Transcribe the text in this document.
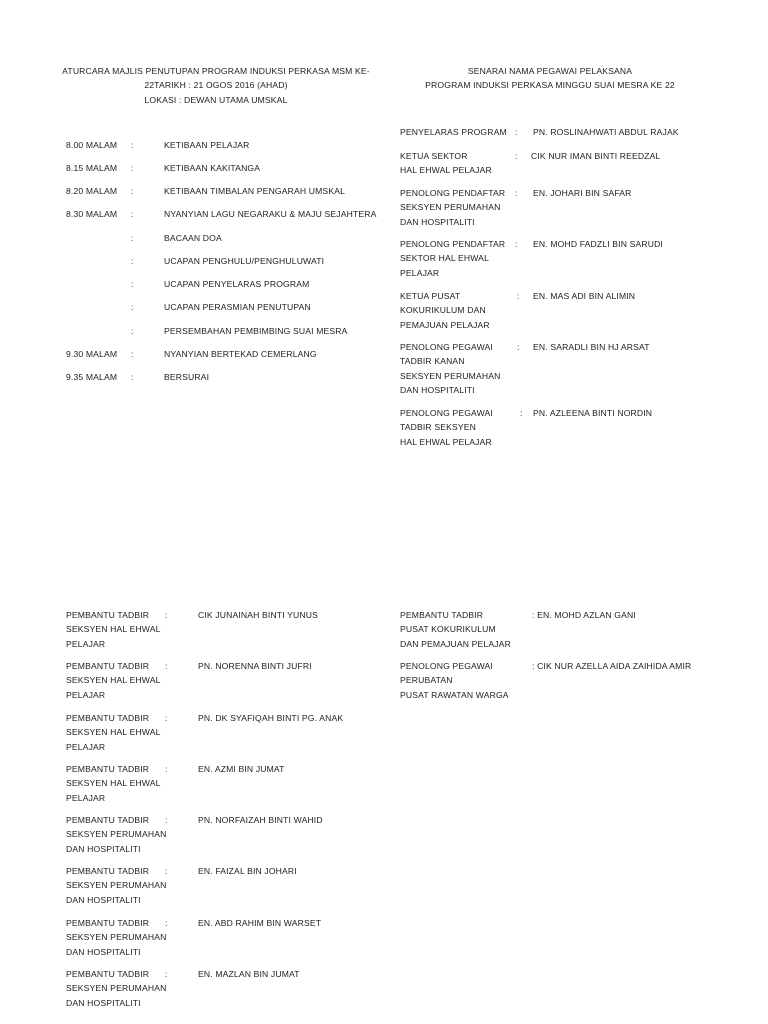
ATURCARA MAJLIS PENUTUPAN PROGRAM INDUKSI PERKASA MSM KE-
22TARIKH : 21 OGOS 2016 (AHAD)
LOKASI : DEWAN UTAMA UMSKAL
SENARAI NAMA PEGAWAI PELAKSANA
PROGRAM INDUKSI PERKASA MINGGU SUAI MESRA KE 22
8.00 MALAM :	KETIBAAN PELAJAR
8.15 MALAM :	KETIBAAN KAKITANGA
8.20 MALAM :	KETIBAAN TIMBALAN PENGARAH UMSKAL
8.30 MALAM :	NYANYIAN LAGU NEGARAKU & MAJU SEJAHTERA
:	BACAAN DOA
:	UCAPAN PENGHULU/PENGHULUWATI
:	UCAPAN PENYELARAS PROGRAM
:	UCAPAN PERASMIAN PENUTUPAN
:	PERSEMBAHAN PEMBIMBING SUAI MESRA
9.30 MALAM :	NYANYIAN BERTEKAD CEMERLANG
9.35 MALAM :	BERSURAI
PENYELARAS PROGRAM : PN. ROSLINAHWATI ABDUL RAJAK
KETUA SEKTOR
HAL EHWAL PELAJAR
: CIK NUR IMAN BINTI REEDZAL
PENOLONG PENDAFTAR
SEKSYEN PERUMAHAN
DAN HOSPITALITI
: EN. JOHARI BIN SAFAR
PENOLONG PENDAFTAR
SEKTOR HAL EHWAL
PELAJAR
: EN. MOHD FADZLI BIN SARUDI
KETUA PUSAT
KOKURIKULUM DAN
PEMAJUAN PELAJAR
: EN. MAS ADI BIN ALIMIN
PENOLONG PEGAWAI
TADBIR KANAN
SEKSYEN PERUMAHAN
DAN HOSPITALITI
: EN. SARADLI BIN HJ ARSAT
PENOLONG PEGAWAI
TADBIR SEKSYEN
HAL EHWAL PELAJAR
: PN. AZLEENA BINTI NORDIN
PEMBANTU TADBIR
SEKSYEN HAL EHWAL
PELAJAR
:	CIK JUNAINAH BINTI YUNUS
PEMBANTU TADBIR
SEKSYEN HAL EHWAL
PELAJAR
:	PN. NORENNA BINTI JUFRI
PEMBANTU TADBIR
SEKSYEN HAL EHWAL
PELAJAR
:	PN. DK SYAFIQAH BINTI PG. ANAK
PEMBANTU TADBIR
SEKSYEN HAL EHWAL
PELAJAR
:	EN. AZMI BIN JUMAT
PEMBANTU TADBIR
SEKSYEN PERUMAHAN
DAN HOSPITALITI
:	PN. NORFAIZAH BINTI WAHID
PEMBANTU TADBIR
SEKSYEN PERUMAHAN
DAN HOSPITALITI
:	EN. FAIZAL BIN JOHARI
PEMBANTU TADBIR
SEKSYEN PERUMAHAN
DAN HOSPITALITI
:	EN. ABD RAHIM BIN WARSET
PEMBANTU TADBIR
SEKSYEN PERUMAHAN
DAN HOSPITALITI
:	EN. MAZLAN BIN JUMAT
PEMBANTU TADBIR
PUSAT KOKURIKULUM
DAN PEMAJUAN PELAJAR
: EN. MOHD AZLAN GANI
PENOLONG PEGAWAI
PERUBATAN
PUSAT RAWATAN WARGA
: CIK NUR AZELLA AIDA ZAIHIDA AMIR
